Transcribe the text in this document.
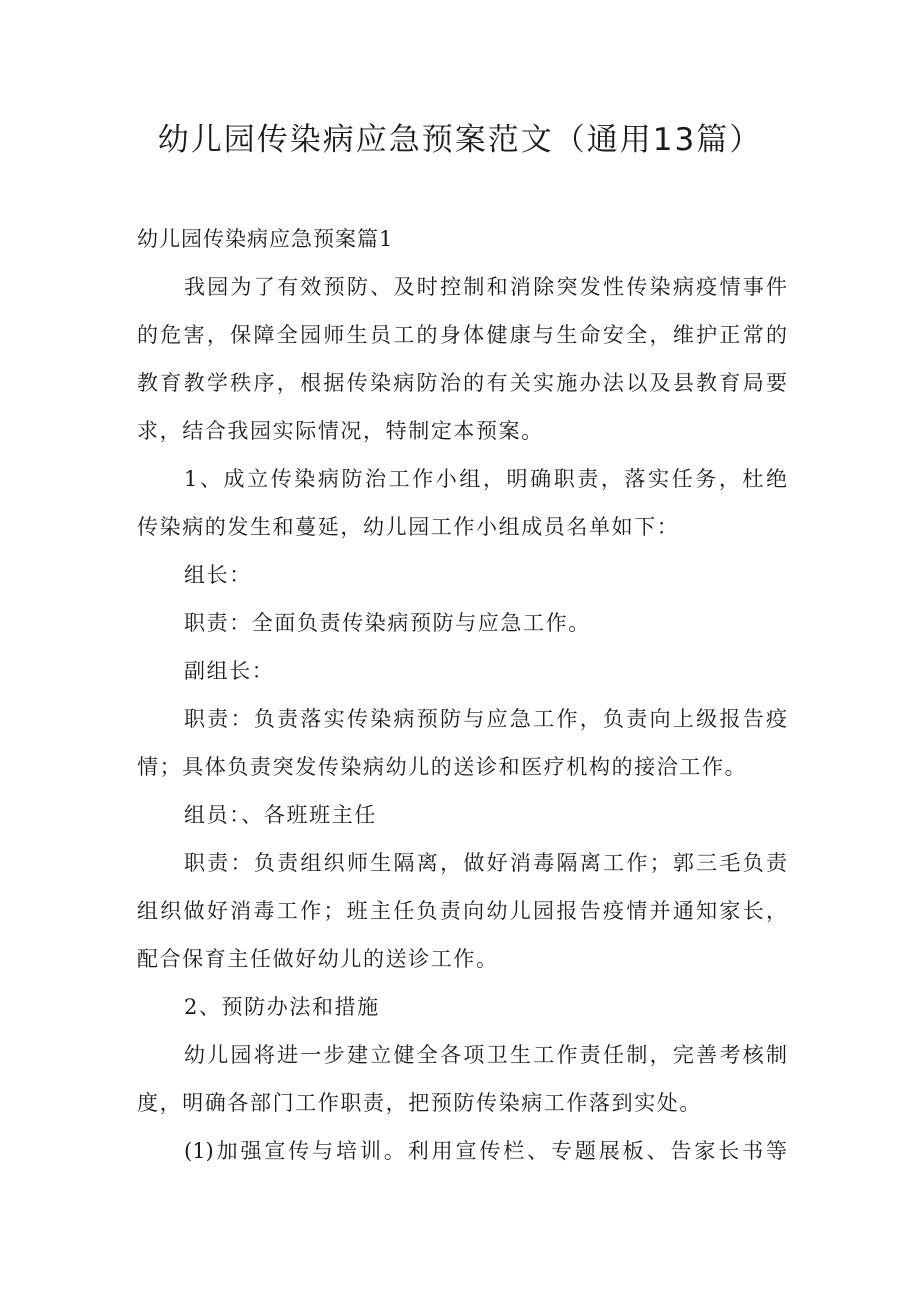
幼儿园传染病应急预案范文（通用13篇）

幼儿园传染病应急预案篇1

我园为了有效预防、及时控制和消除突发性传染病疫情事件

的危害，保障全园师生员工的身体健康与生命安全，维护正常的

教育教学秩序，根据传染病防治的有关实施办法以及县教育局要

求，结合我园实际情况，特制定本预案。

1、成立传染病防治工作小组，明确职责，落实任务，杜绝

传染病的发生和蔓延，幼儿园工作小组成员名单如下：

组长：

职责：全面负责传染病预防与应急工作。

副组长：

职责：负责落实传染病预防与应急工作，负责向上级报告疫

情；具体负责突发传染病幼儿的送诊和医疗机构的接洽工作。

组员：、各班班主任

职责：负责组织师生隔离，做好消毒隔离工作；郭三毛负责

组织做好消毒工作；班主任负责向幼儿园报告疫情并通知家长，

配合保育主任做好幼儿的送诊工作。

2、预防办法和措施

幼儿园将进一步建立健全各项卫生工作责任制，完善考核制

度，明确各部门工作职责，把预防传染病工作落到实处。

(1)加强宣传与培训。利用宣传栏、专题展板、告家长书等
